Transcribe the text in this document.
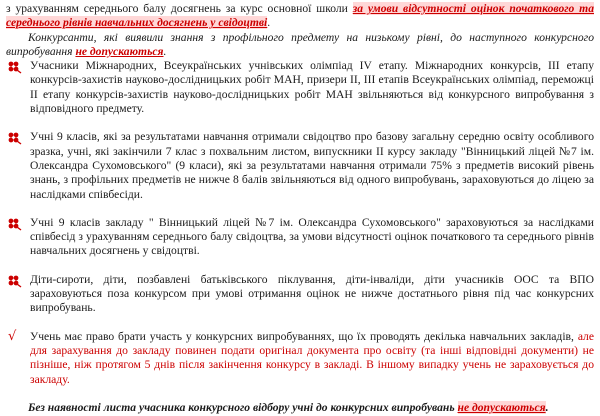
з урахуванням середнього балу досягнень за курс основної школи за умови відсутності оцінок початкового та середнього рівнів навчальних досягнень у свідоцтві.

Конкурсанти, які виявили знання з профільного предмету на низькому рівні, до наступного конкурсного випробування не допускаються.

Учасники Міжнародних, Всеукраїнських учнівських олімпіад IV етапу. Міжнародних конкурсів, ІІІ етапу конкурсів-захистів науково-дослідницьких робіт МАН, призери ІІ, ІІІ етапів Всеукраїнських олімпіад, переможці ІІ етапу конкурсів-захистів науково-дослідницьких робіт МАН звільняються від конкурсного випробування з відповідного предмету.
Учні 9 класів, які за результатами навчання отримали свідоцтво про базову загальну середню освіту особливого зразка, учні, які закінчили 7 клас з похвальним листом, випускники ІІ курсу закладу "Вінницький ліцей №7 ім. Олександра Сухомовського" (9 класи), які за результатами навчання отримали 75% з предметів високий рівень знань, з профільних предметів не нижче 8 балів звільняються від одного випробувань, зараховуються до ліцею за наслідками співбесіди.
Учні 9 класів закладу " Вінницький ліцей №7 ім. Олександра Сухомовського" зараховуються за наслідками співбесід з урахуванням середнього балу свідоцтва, за умови відсутності оцінок початкового та середнього рівнів навчальних досягнень у свідоцтві.
Діти-сироти, діти, позбавлені батьківського піклування, діти-інваліди, діти учасників ООС та ВПО зараховуються поза конкурсом при умові отримання оцінок не нижче достатнього рівня під час конкурсних випробувань.
√ Учень має право брати участь у конкурсних випробуваннях, що їх проводять декілька навчальних закладів, але для зарахування до закладу повинен подати оригінал документа про освіту (та інші відповідні документи) не пізніше, ніж протягом 5 днів після закінчення конкурсу в закладі. В іншому випадку учень не зараховується до закладу.

Без наявності листа учасника конкурсного відбору учні до конкурсних випробувань не допускаються.
